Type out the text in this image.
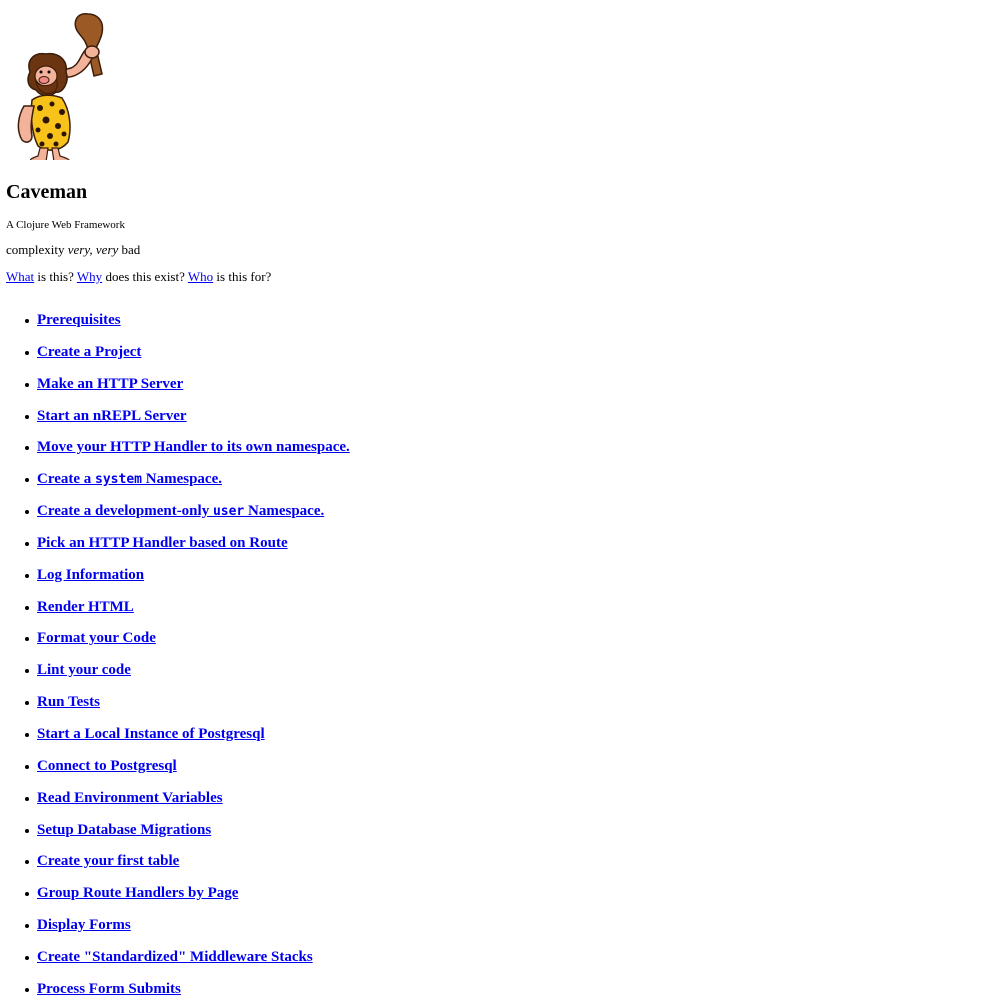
Caveman
A Clojure Web Framework
complexity very, very bad
What is this? Why does this exist? Who is this for?
Prerequisites
Create a Project
Make an HTTP Server
Start an nREPL Server
Move your HTTP Handler to its own namespace.
Create a system Namespace.
Create a development-only user Namespace.
Pick an HTTP Handler based on Route
Log Information
Render HTML
Format your Code
Lint your code
Run Tests
Start a Local Instance of Postgresql
Connect to Postgresql
Read Environment Variables
Setup Database Migrations
Create your first table
Group Route Handlers by Page
Display Forms
Create "Standardized" Middleware Stacks
Process Form Submits
